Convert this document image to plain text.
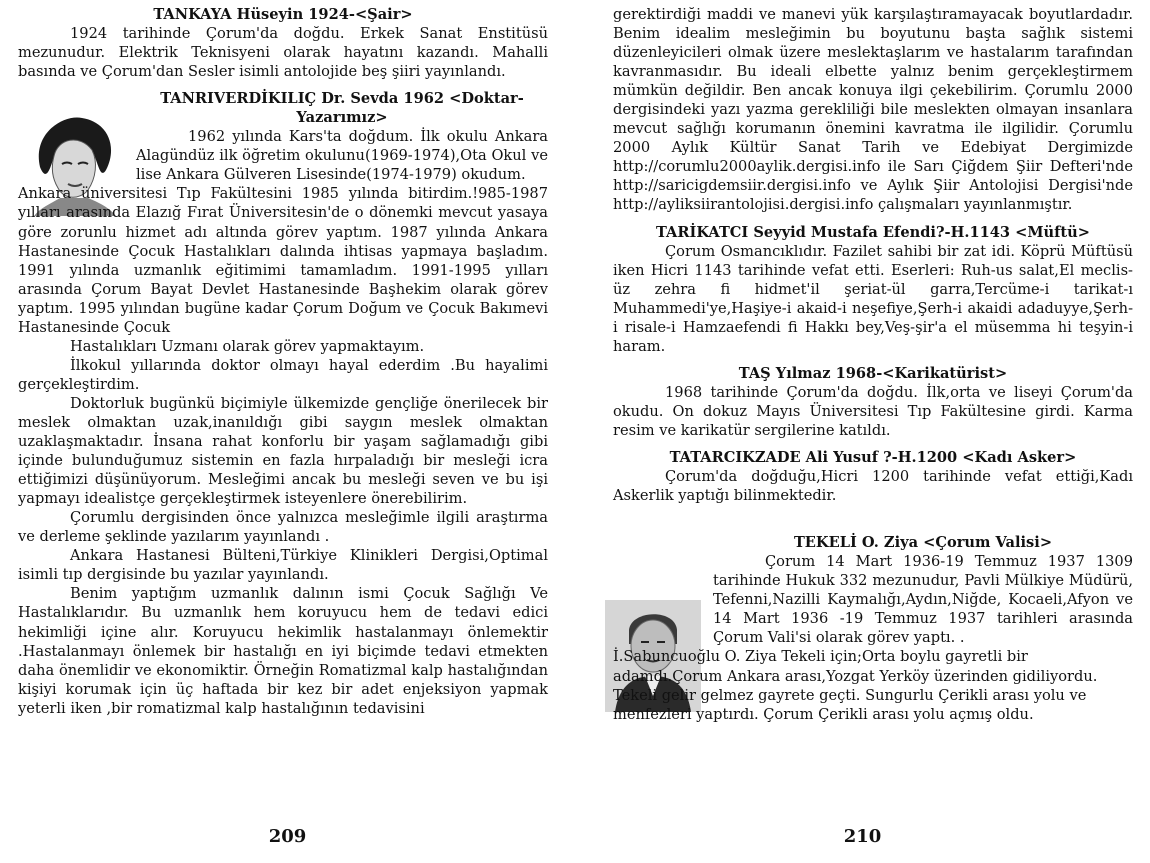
TANKAYA Hüseyin 1924-<Şair>

1924 tarihinde Çorum'da doğdu. Erkek Sanat Enstitüsü mezunudur. Elektrik Teknisyeni olarak hayatını kazandı. Mahalli basında ve Çorum'dan Sesler isimli antolojide beş şiiri yayınlandı.

TANRIVERDİKILIÇ Dr. Sevda 1962 <Doktar-Yazarımız>

1962 yılında Kars'ta doğdum. İlk okulu Ankara Alagündüz ilk öğretim okulunu(1969-1974),Ota Okul ve lise Ankara Gülveren Lisesinde(1974-1979) okudum.

Ankara üniversitesi Tıp Fakültesini 1985 yılında bitirdim.!985-1987 yılları arasında Elazığ Fırat Üniversitesin'de o dönemki mevcut yasaya göre zorunlu hizmet adı altında görev yaptım. 1987 yılında Ankara Hastanesinde Çocuk Hastalıkları dalında ihtisas yapmaya başladım. 1991 yılında uzmanlık eğitimimi tamamladım. 1991-1995 yılları arasında Çorum Bayat Devlet Hastanesinde Başhekim olarak görev yaptım. 1995 yılından bugüne kadar Çorum Doğum ve Çocuk Bakımevi Hastanesinde Çocuk

Hastalıkları Uzmanı olarak görev yapmaktayım.

İlkokul yıllarında doktor olmayı hayal ederdim .Bu hayalimi gerçekleştirdim.

Doktorluk bugünkü biçimiyle ülkemizde gençliğe önerilecek bir meslek olmaktan uzak,inanıldığı gibi saygın meslek olmaktan uzaklaşmaktadır. İnsana rahat konforlu bir yaşam sağlamadığı gibi içinde bulunduğumuz sistemin en fazla hırpaladığı bir mesleği icra ettiğimizi düşünüyorum. Mesleğimi ancak bu mesleği seven ve bu işi yapmayı idealistçe gerçekleştirmek isteyenlere önerebilirim.

Çorumlu dergisinden önce yalnızca mesleğimle ilgili araştırma ve derleme şeklinde yazılarım yayınlandı .

Ankara Hastanesi Bülteni,Türkiye Klinikleri Dergisi,Optimal isimli tıp dergisinde bu yazılar yayınlandı.

Benim yaptığım uzmanlık dalının ismi Çocuk Sağlığı Ve Hastalıklarıdır. Bu uzmanlık hem koruyucu hem de tedavi edici hekimliği içine alır. Koruyucu hekimlik hastalanmayı önlemektir .Hastalanmayı önlemek bir hastalığı en iyi biçimde tedavi etmekten daha önemlidir ve ekonomiktir. Örneğin Romatizmal kalp hastalığından kişiyi korumak için üç haftada bir kez bir adet enjeksiyon yapmak yeterli iken ,bir romatizmal kalp hastalığının tedavisini

209

gerektirdiği maddi ve manevi yük karşılaştıramayacak boyutlardadır. Benim idealim mesleğimin bu boyutunu başta sağlık sistemi düzenleyicileri olmak üzere meslektaşlarım ve hastalarım tarafından kavranmasıdır. Bu ideali elbette yalnız benim gerçekleştirmem mümkün değildir. Ben ancak konuya ilgi çekebilirim. Çorumlu 2000 dergisindeki yazı yazma gerekliliği bile meslekten olmayan insanlara mevcut sağlığı korumanın önemini kavratma ile ilgilidir. Çorumlu 2000 Aylık Kültür Sanat Tarih ve Edebiyat Dergimizde http://corumlu2000aylik.dergisi.info ile Sarı Çiğdem Şiir Defteri'nde http://saricigdemsiir.dergisi.info ve Aylık Şiir Antolojisi Dergisi'nde http://ayliksiirantolojisi.dergisi.info çalışmaları yayınlanmıştır.

TARİKATCI Seyyid Mustafa Efendi?-H.1143 <Müftü>

Çorum Osmancıklıdır. Fazilet sahibi bir zat idi. Köprü Müftüsü iken Hicri 1143 tarihinde vefat etti. Eserleri: Ruh-us salat,El meclis-üz zehra fi hidmet'il şeriat-ül garra,Tercüme-i tarikat-ı Muhammedi'ye,Haşiye-i akaid-i neşefiye,Şerh-i akaidi adaduyye,Şerh-i risale-i Hamzaefendi fi Hakkı bey,Veş-şir'a el müsemma hi teşyin-i haram.

TAŞ Yılmaz 1968-<Karikatürist>

1968 tarihinde Çorum'da doğdu. İlk,orta ve liseyi Çorum'da okudu. On dokuz Mayıs Üniversitesi Tıp Fakültesine girdi. Karma resim ve karikatür sergilerine katıldı.

TATARCIKZADE Ali Yusuf ?-H.1200 <Kadı Asker>

Çorum'da doğduğu,Hicri 1200 tarihinde vefat ettiği,Kadı Askerlik yaptığı bilinmektedir.

TEKELİ O. Ziya <Çorum Valisi>

Çorum 14 Mart 1936-19 Temmuz 1937 1309 tarihinde Hukuk 332 mezunudur, Pavli Mülkiye Müdürü, Tefenni,Nazilli Kaymalığı,Aydın,Niğde, Kocaeli,Afyon ve 14 Mart 1936 -19 Temmuz 1937 tarihleri arasında Çorum Vali'si olarak görev yaptı. .

İ.Sabuncuoğlu O. Ziya Tekeli için;Orta boylu gayretli bir adamdı.Çorum Ankara arası,Yozgat Yerköy üzerinden gidiliyordu. Tekeli gelir gelmez gayrete geçti. Sungurlu Çerikli arası yolu ve menfezleri yaptırdı. Çorum Çerikli arası yolu açmış oldu.

210
